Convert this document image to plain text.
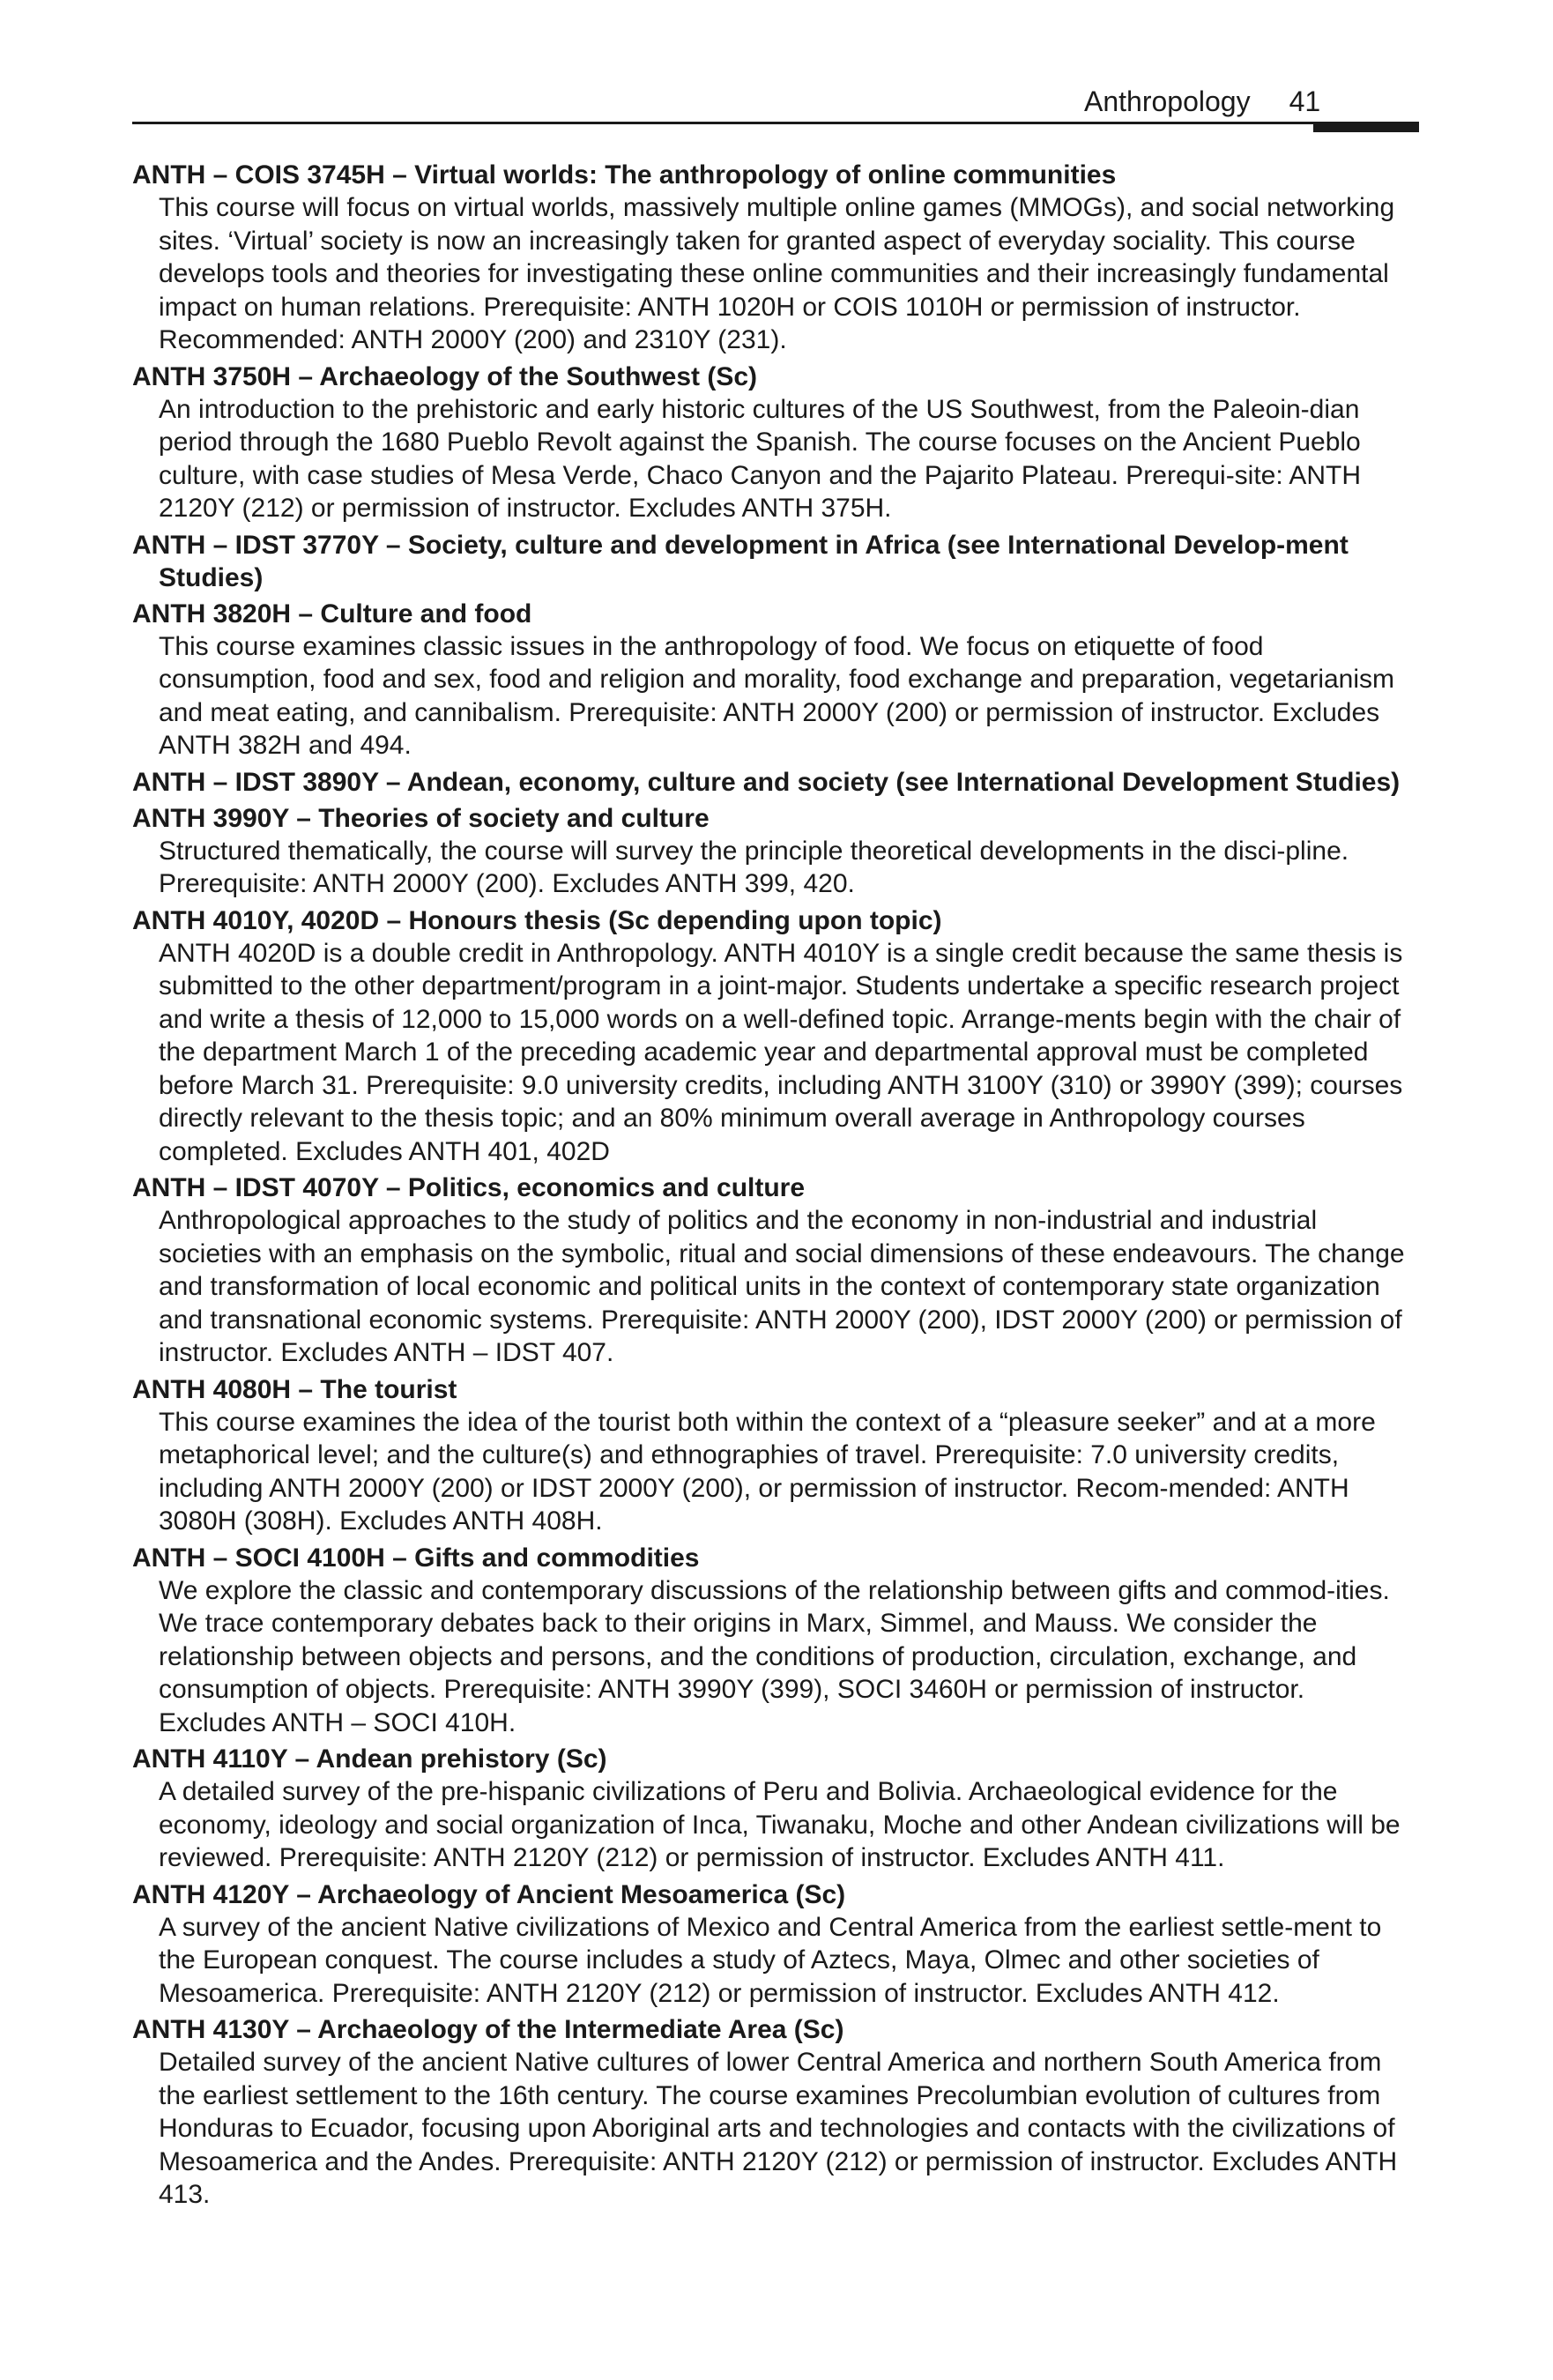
Anthropology 41
ANTH – COIS 3745H – Virtual worlds: The anthropology of online communities
This course will focus on virtual worlds, massively multiple online games (MMOGs), and social networking sites. ‘Virtual’ society is now an increasingly taken for granted aspect of everyday sociality. This course develops tools and theories for investigating these online communities and their increasingly fundamental impact on human relations. Prerequisite: ANTH 1020H or COIS 1010H or permission of instructor. Recommended: ANTH 2000Y (200) and 2310Y (231).
ANTH 3750H – Archaeology of the Southwest (Sc)
An introduction to the prehistoric and early historic cultures of the US Southwest, from the Paleoin-dian period through the 1680 Pueblo Revolt against the Spanish. The course focuses on the Ancient Pueblo culture, with case studies of Mesa Verde, Chaco Canyon and the Pajarito Plateau. Prerequi-site: ANTH 2120Y (212) or permission of instructor. Excludes ANTH 375H.
ANTH – IDST 3770Y – Society, culture and development in Africa (see International Develop-ment Studies)
ANTH 3820H – Culture and food
This course examines classic issues in the anthropology of food. We focus on etiquette of food consumption, food and sex, food and religion and morality, food exchange and preparation, vegetarianism and meat eating, and cannibalism. Prerequisite: ANTH 2000Y (200) or permission of instructor. Excludes ANTH 382H and 494.
ANTH – IDST 3890Y – Andean, economy, culture and society (see International Development Studies)
ANTH 3990Y – Theories of society and culture
Structured thematically, the course will survey the principle theoretical developments in the disci-pline. Prerequisite: ANTH 2000Y (200). Excludes ANTH 399, 420.
ANTH 4010Y, 4020D – Honours thesis (Sc depending upon topic)
ANTH 4020D is a double credit in Anthropology. ANTH 4010Y is a single credit because the same thesis is submitted to the other department/program in a joint-major. Students undertake a specific research project and write a thesis of 12,000 to 15,000 words on a well-defined topic. Arrange-ments begin with the chair of the department March 1 of the preceding academic year and departmental approval must be completed before March 31. Prerequisite: 9.0 university credits, including ANTH 3100Y (310) or 3990Y (399); courses directly relevant to the thesis topic; and an 80% minimum overall average in Anthropology courses completed. Excludes ANTH 401, 402D
ANTH – IDST 4070Y – Politics, economics and culture
Anthropological approaches to the study of politics and the economy in non-industrial and industrial societies with an emphasis on the symbolic, ritual and social dimensions of these endeavours. The change and transformation of local economic and political units in the context of contemporary state organization and transnational economic systems. Prerequisite: ANTH 2000Y (200), IDST 2000Y (200) or permission of instructor. Excludes ANTH – IDST 407.
ANTH 4080H – The tourist
This course examines the idea of the tourist both within the context of a “pleasure seeker” and at a more metaphorical level; and the culture(s) and ethnographies of travel. Prerequisite: 7.0 university credits, including ANTH 2000Y (200) or IDST 2000Y (200), or permission of instructor. Recom-mended: ANTH 3080H (308H). Excludes ANTH 408H.
ANTH – SOCI 4100H – Gifts and commodities
We explore the classic and contemporary discussions of the relationship between gifts and commod-ities. We trace contemporary debates back to their origins in Marx, Simmel, and Mauss. We consider the relationship between objects and persons, and the conditions of production, circulation, exchange, and consumption of objects. Prerequisite: ANTH 3990Y (399), SOCI 3460H or permission of instructor. Excludes ANTH – SOCI 410H.
ANTH 4110Y – Andean prehistory (Sc)
A detailed survey of the pre-hispanic civilizations of Peru and Bolivia. Archaeological evidence for the economy, ideology and social organization of Inca, Tiwanaku, Moche and other Andean civilizations will be reviewed. Prerequisite: ANTH 2120Y (212) or permission of instructor. Excludes ANTH 411.
ANTH 4120Y – Archaeology of Ancient Mesoamerica (Sc)
A survey of the ancient Native civilizations of Mexico and Central America from the earliest settle-ment to the European conquest. The course includes a study of Aztecs, Maya, Olmec and other societies of Mesoamerica. Prerequisite: ANTH 2120Y (212) or permission of instructor. Excludes ANTH 412.
ANTH 4130Y – Archaeology of the Intermediate Area (Sc)
Detailed survey of the ancient Native cultures of lower Central America and northern South America from the earliest settlement to the 16th century. The course examines Precolumbian evolution of cultures from Honduras to Ecuador, focusing upon Aboriginal arts and technologies and contacts with the civilizations of Mesoamerica and the Andes. Prerequisite: ANTH 2120Y (212) or permission of instructor. Excludes ANTH 413.
